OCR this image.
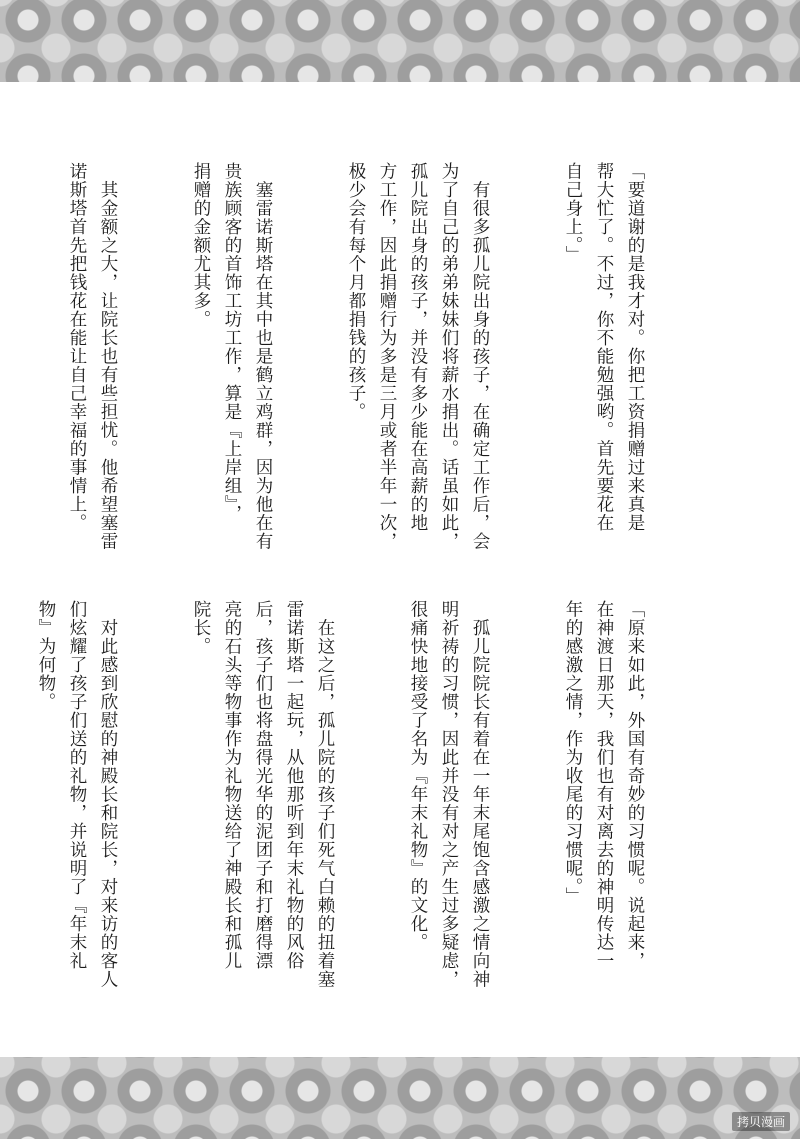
「要道谢的是我才对。你把工资捐赠过来真是
帮大忙了。不过，你不能勉强哟。首先要花在
自己身上。」

　有很多孤儿院出身的孩子，在确定工作后，会
为了自己的弟弟妹妹们将薪水捐出。话虽如此，
孤儿院出身的孩子，并没有多少能在高薪的地
方工作，因此捐赠行为多是三月或者半年一次，
极少会有每个月都捐钱的孩子。

　塞雷诺斯塔在其中也是鹤立鸡群，因为他在有
贵族顾客的首饰工坊工作，算是『上岸组』，
捐赠的金额尤其多。

　其金额之大，让院长也有些担忧。他希望塞雷
诺斯塔首先把钱花在能让自己幸福的事情上。

「原来如此，外国有奇妙的习惯呢。说起来，
在神渡日那天，我们也有对离去的神明传达一
年的感激之情，作为收尾的习惯呢。」

　孤儿院院长有着在一年末尾饱含感激之情向神
明祈祷的习惯，因此并没有对之产生过多疑虑，
很痛快地接受了名为『年末礼物』的文化。

　在这之后，孤儿院的孩子们死气白赖的扭着塞
雷诺斯塔一起玩，从他那听到年末礼物的风俗
后，孩子们也将盘得光华的泥团子和打磨得漂
亮的石头等物事作为礼物送给了神殿长和孤儿
院长。

　对此感到欣慰的神殿长和院长，对来访的客人
们炫耀了孩子们送的礼物，并说明了『年末礼
物』为何物。

拷贝漫画
